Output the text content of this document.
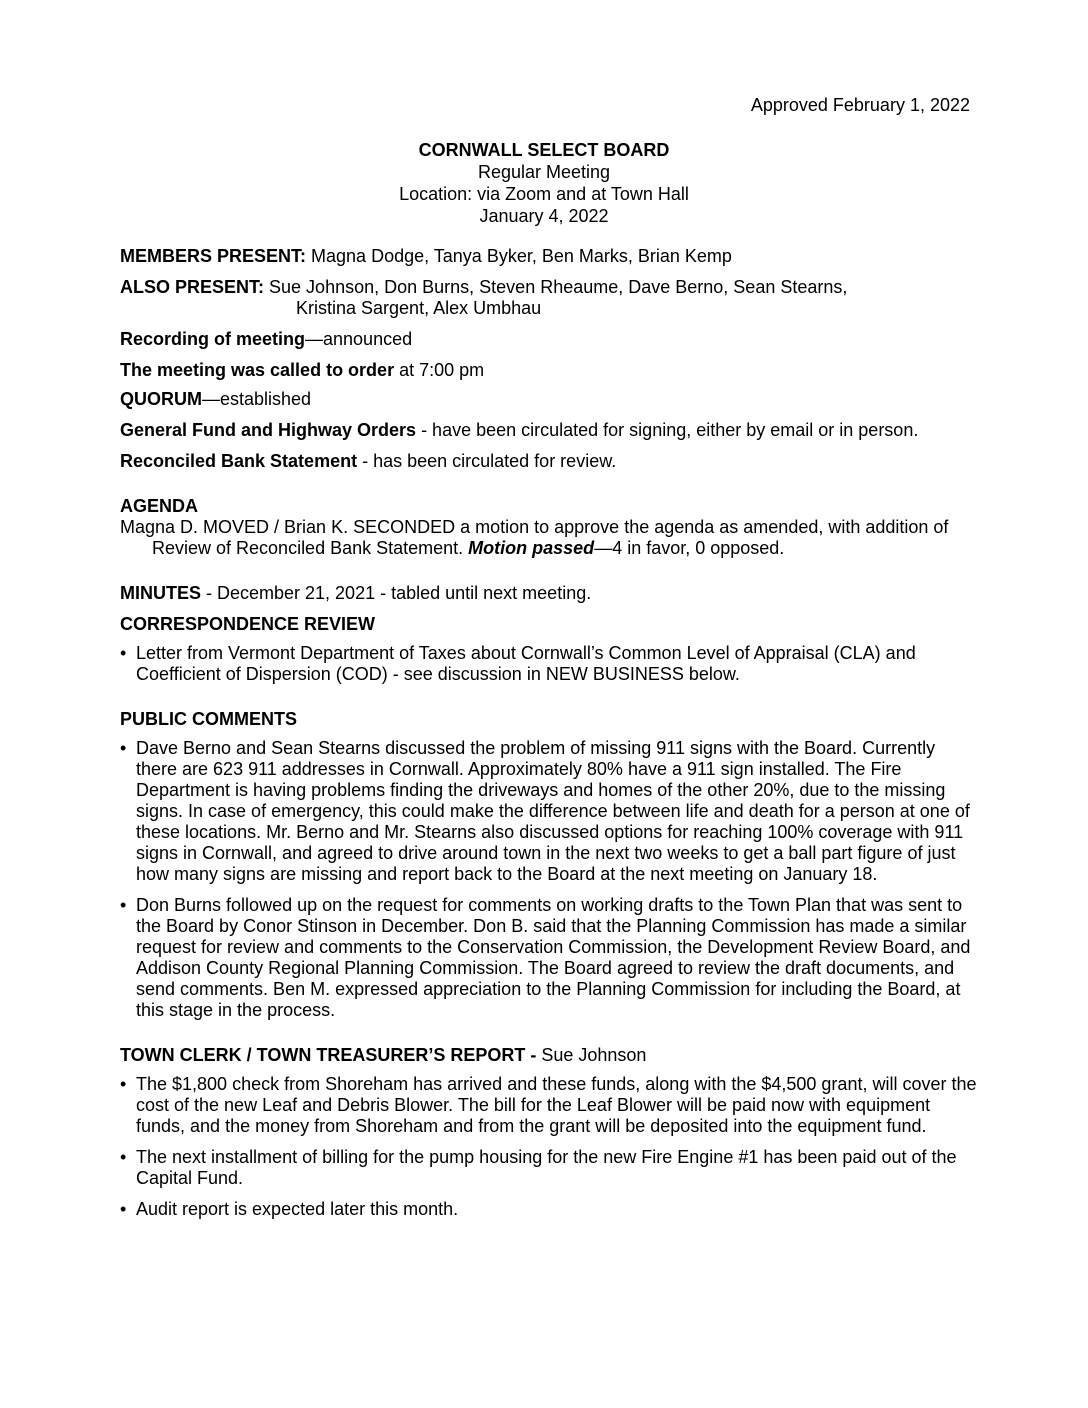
Approved February 1, 2022
CORNWALL SELECT BOARD
Regular Meeting
Location: via Zoom and at Town Hall
January 4, 2022

MEMBERS PRESENT: Magna Dodge, Tanya Byker, Ben Marks, Brian Kemp

ALSO PRESENT: Sue Johnson, Don Burns, Steven Rheaume, Dave Berno, Sean Stearns,

Kristina Sargent, Alex Umbhau

Recording of meeting—announced

The meeting was called to order at 7:00 pm

QUORUM—established

General Fund and Highway Orders - have been circulated for signing, either by email or in person.

Reconciled Bank Statement - has been circulated for review.

AGENDA

Magna D. MOVED / Brian K. SECONDED a motion to approve the agenda as amended, with addition of Review of Reconciled Bank Statement. Motion passed—4 in favor, 0 opposed.

MINUTES - December 21, 2021 - tabled until next meeting.

CORRESPONDENCE REVIEW
• Letter from Vermont Department of Taxes about Cornwall’s Common Level of Appraisal (CLA) and Coefficient of Dispersion (COD) - see discussion in NEW BUSINESS below.
PUBLIC COMMENTS
• Dave Berno and Sean Stearns discussed the problem of missing 911 signs with the Board. Currently there are 623 911 addresses in Cornwall. Approximately 80% have a 911 sign installed. The Fire Department is having problems finding the driveways and homes of the other 20%, due to the missing signs. In case of emergency, this could make the difference between life and death for a person at one of these locations. Mr. Berno and Mr. Stearns also discussed options for reaching 100% coverage with 911 signs in Cornwall, and agreed to drive around town in the next two weeks to get a ball part figure of just how many signs are missing and report back to the Board at the next meeting on January 18.
• Don Burns followed up on the request for comments on working drafts to the Town Plan that was sent to the Board by Conor Stinson in December. Don B. said that the Planning Commission has made a similar request for review and comments to the Conservation Commission, the Development Review Board, and Addison County Regional Planning Commission. The Board agreed to review the draft documents, and send comments. Ben M. expressed appreciation to the Planning Commission for including the Board, at this stage in the process.
TOWN CLERK / TOWN TREASURER’S REPORT - Sue Johnson
• The $1,800 check from Shoreham has arrived and these funds, along with the $4,500 grant, will cover the cost of the new Leaf and Debris Blower. The bill for the Leaf Blower will be paid now with equipment funds, and the money from Shoreham and from the grant will be deposited into the equipment fund.
• The next installment of billing for the pump housing for the new Fire Engine #1 has been paid out of the Capital Fund.
• Audit report is expected later this month.
